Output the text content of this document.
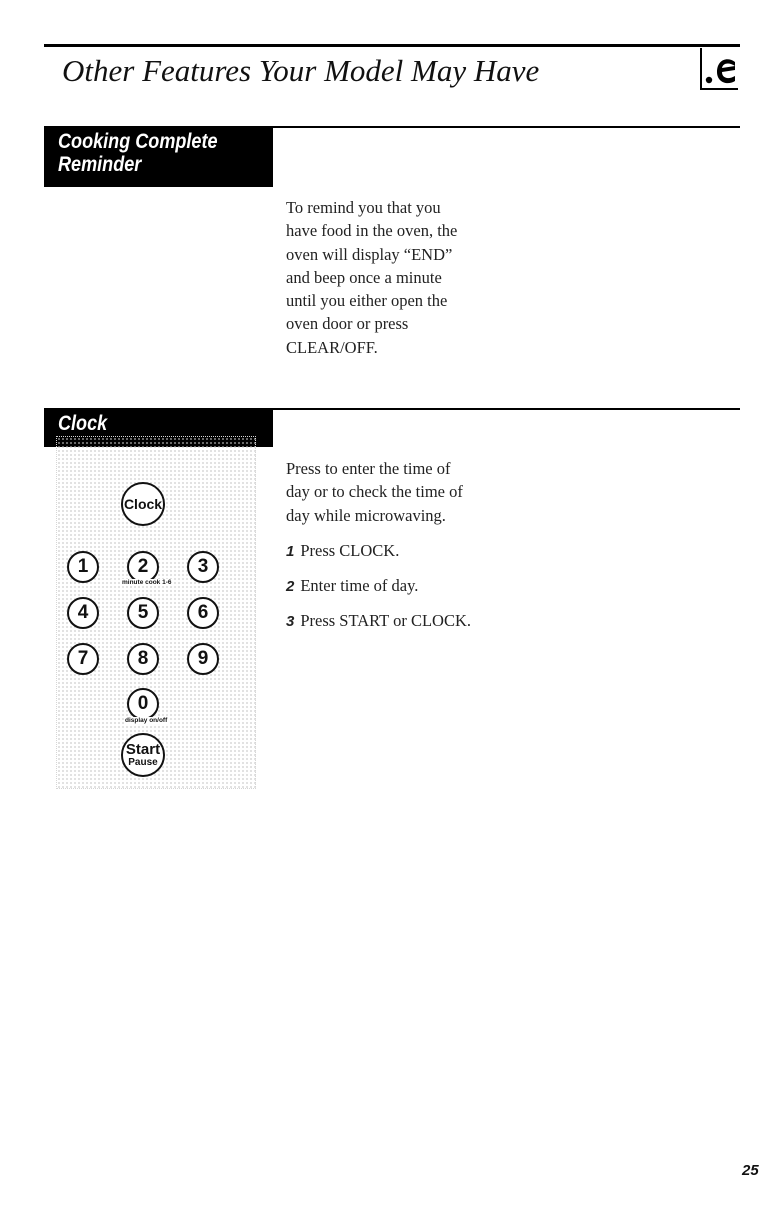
Other Features Your Model May Have
Cooking Complete
Reminder
To remind you that you
have food in the oven, the
oven will display “END”
and beep once a minute
until you either open the
oven door or press
CLEAR/OFF.
Clock
Press to enter the time of
day or to check the time of
day while microwaving.
1 Press CLOCK.
2 Enter time of day.
3 Press START or CLOCK.
Clock
1	2	3
minute cook 1-6
4	5	6
7	8	9
0
display on/off
Start
Pause
25
